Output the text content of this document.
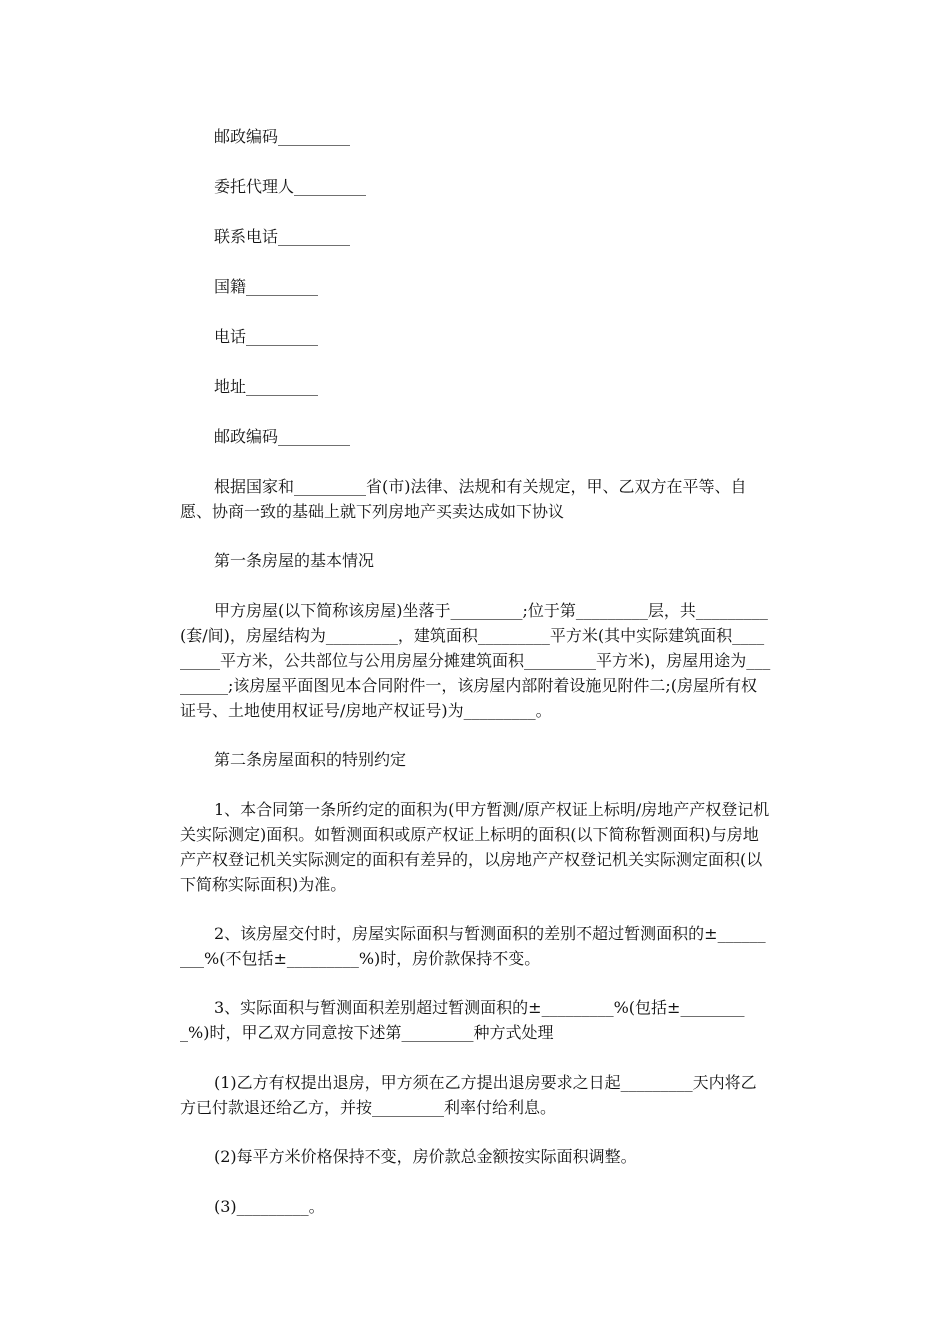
邮政编码_________

委托代理人_________

联系电话_________

国籍_________

电话_________

地址_________

邮政编码_________

根据国家和_________省(市)法律、法规和有关规定，甲、乙双方在平等、自愿、协商一致的基础上就下列房地产买卖达成如下协议

第一条房屋的基本情况

甲方房屋(以下简称该房屋)坐落于_________;位于第_________层，共_________(套/间)，房屋结构为_________，建筑面积_________平方米(其中实际建筑面积_________平方米，公共部位与公用房屋分摊建筑面积_________平方米)，房屋用途为_________;该房屋平面图见本合同附件一，该房屋内部附着设施见附件二;(房屋所有权证号、土地使用权证号/房地产权证号)为_________。

第二条房屋面积的特别约定

1、本合同第一条所约定的面积为(甲方暂测/原产权证上标明/房地产产权登记机关实际测定)面积。如暂测面积或原产权证上标明的面积(以下简称暂测面积)与房地产产权登记机关实际测定的面积有差异的，以房地产产权登记机关实际测定面积(以下简称实际面积)为准。

2、该房屋交付时，房屋实际面积与暂测面积的差别不超过暂测面积的±_________%(不包括±_________%)时，房价款保持不变。

3、实际面积与暂测面积差别超过暂测面积的±_________%(包括±_________%)时，甲乙双方同意按下述第_________种方式处理

(1)乙方有权提出退房，甲方须在乙方提出退房要求之日起_________天内将乙方已付款退还给乙方，并按_________利率付给利息。

(2)每平方米价格保持不变，房价款总金额按实际面积调整。

(3)_________。
